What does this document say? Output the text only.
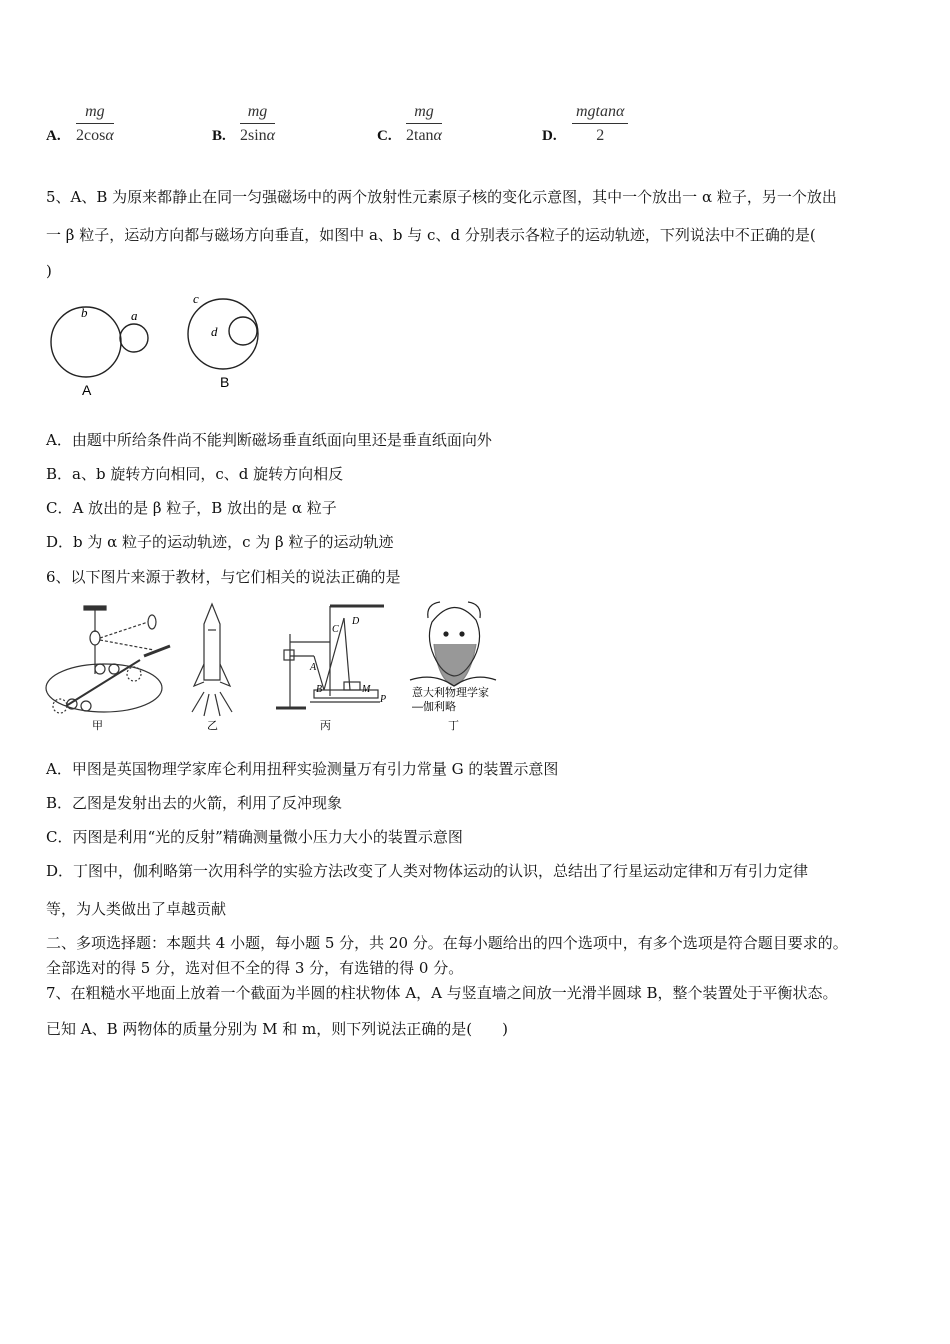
A. $\frac{mg}{2\cos\alpha}$	B. $\frac{mg}{2\sin\alpha}$	C. $\frac{mg}{2\tan\alpha}$	D. $\frac{mgtan\alpha}{2}$
5、A、B 为原来都静止在同一匀强磁场中的两个放射性元素原子核的变化示意图，其中一个放出一 α 粒子，另一个放出
一 β 粒子，运动方向都与磁场方向垂直，如图中 a、b 与 c、d 分别表示各粒子的运动轨迹，下列说法中不正确的是(
)
b	a
A
c
d
B
A．由题中所给条件尚不能判断磁场垂直纸面向里还是垂直纸面向外
B．a、b 旋转方向相同，c、d 旋转方向相反
C．A 放出的是 β 粒子，B 放出的是 α 粒子
D．b 为 α 粒子的运动轨迹，c 为 β 粒子的运动轨迹
6、以下图片来源于教材，与它们相关的说法正确的是
甲	乙
D
C
A
B	M
P
丙
意大利物理学家
—伽利略
丁
A．甲图是英国物理学家库仑利用扭秤实验测量万有引力常量 G 的装置示意图
B．乙图是发射出去的火箭，利用了反冲现象
C．丙图是利用“光的反射”精确测量微小压力大小的装置示意图
D．丁图中，伽利略第一次用科学的实验方法改变了人类对物体运动的认识，总结出了行星运动定律和万有引力定律
等，为人类做出了卓越贡献
二、多项选择题：本题共 4 小题，每小题 5 分，共 20 分。在每小题给出的四个选项中，有多个选项是符合题目要求的。
全部选对的得 5 分，选对但不全的得 3 分，有选错的得 0 分。
7、在粗糙水平地面上放着一个截面为半圆的柱状物体 A，A 与竖直墙之间放一光滑半圆球 B，整个装置处于平衡状态。
已知 A、B 两物体的质量分别为 M 和 m，则下列说法正确的是(　　)
